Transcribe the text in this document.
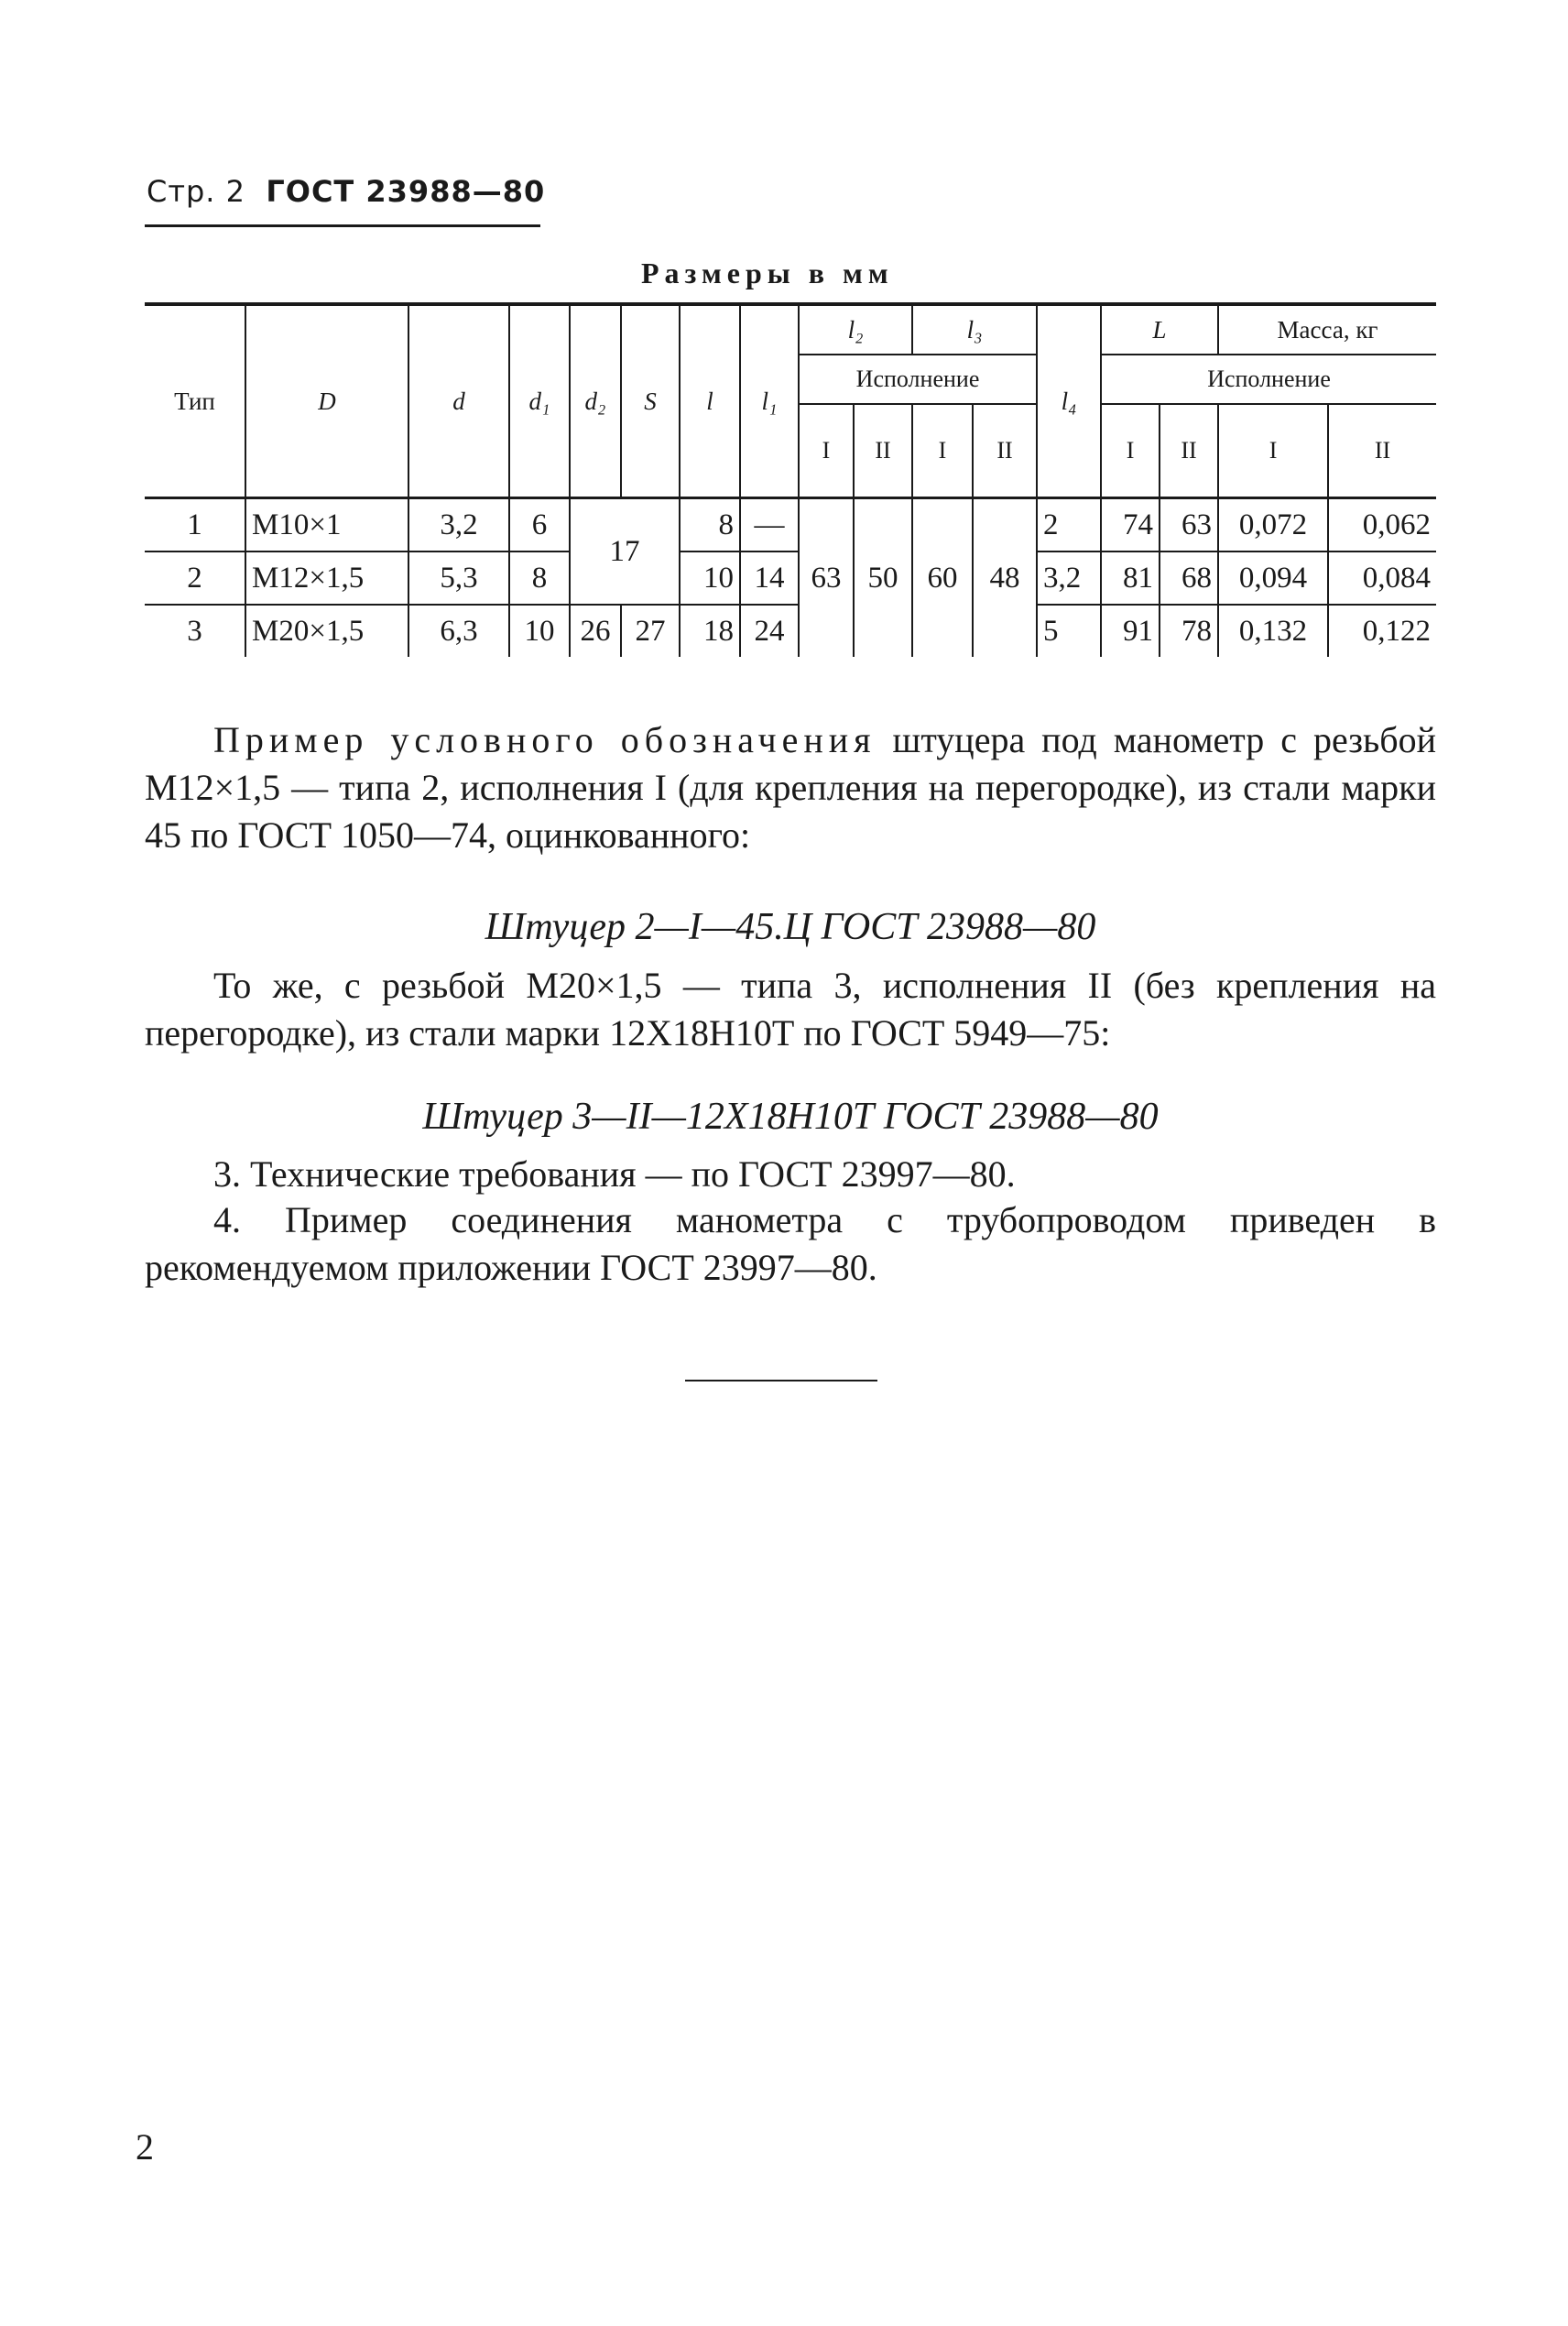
Стр. 2 ГОСТ 23988—80
Размеры в мм
Тип	D	d	d₁	d₂	S	l	l₁	l₂		l₃		l₄	L		Масса, кг	
								Исполнение					Исполнение			
								I	II	I	II		I	II	I	II
1	М10×1	3,2	6	17		8	—	63	50	60	48	2	74	63	0,072	0,062
2	М12×1,5	5,3	8			10	14					3,2	81	68	0,094	0,084
3	М20×1,5	6,3	10	26	27	18	24					5	91	78	0,132	0,122
Пример условного обозначения штуцера под манометр с резьбой М12×1,5 — типа 2, исполнения I (для крепления на перегородке), из стали марки 45 по ГОСТ 1050—74, оцинкованного:
Штуцер 2—I—45.Ц ГОСТ 23988—80
То же, с резьбой М20×1,5 — типа 3, исполнения II (без крепления на перегородке), из стали марки 12Х18Н10Т по ГОСТ 5949—75:
Штуцер 3—II—12Х18Н10Т ГОСТ 23988—80
3. Технические требования — по ГОСТ 23997—80.
4. Пример соединения манометра с трубопроводом приведен в рекомендуемом приложении ГОСТ 23997—80.
2
